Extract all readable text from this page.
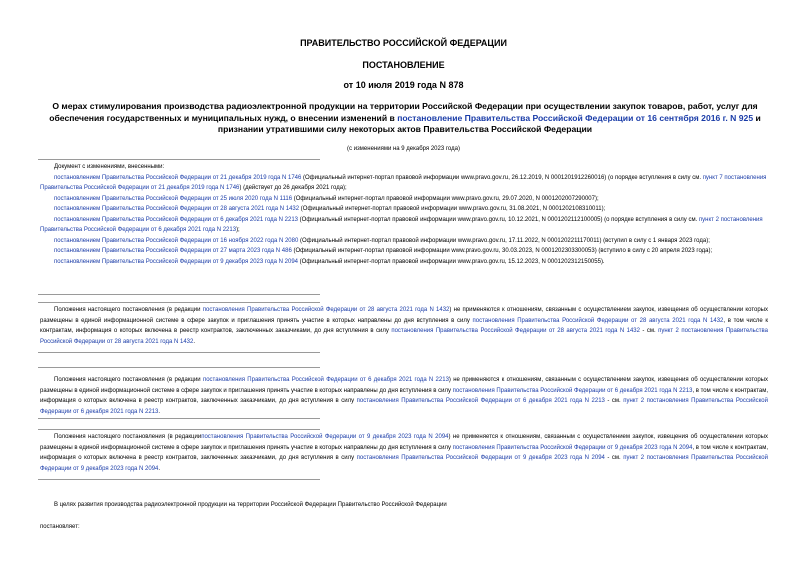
ПРАВИТЕЛЬСТВО РОССИЙСКОЙ ФЕДЕРАЦИИ
ПОСТАНОВЛЕНИЕ
от 10 июля 2019 года N 878
О мерах стимулирования производства радиоэлектронной продукции на территории Российской Федерации при осуществлении закупок товаров, работ, услуг для обеспечения государственных и муниципальных нужд, о внесении изменений в постановление Правительства Российской Федерации от 16 сентября 2016 г. N 925 и признании утратившими силу некоторых актов Правительства Российской Федерации
(с изменениями на 9 декабря 2023 года)
Документ с изменениями, внесенными:
постановлением Правительства Российской Федерации от 21 декабря 2019 года N 1746 (Официальный интернет-портал правовой информации www.pravo.gov.ru, 26.12.2019, N 0001201912260016) (о порядке вступления в силу см. пункт 7 постановления Правительства Российской Федерации от 21 декабря 2019 года N 1746) (действует до 26 декабря 2021 года);
постановлением Правительства Российской Федерации от 25 июля 2020 года N 1116 (Официальный интернет-портал правовой информации www.pravo.gov.ru, 29.07.2020, N 0001202007290007);
постановлением Правительства Российской Федерации от 28 августа 2021 года N 1432 (Официальный интернет-портал правовой информации www.pravo.gov.ru, 31.08.2021, N 0001202108310011);
постановлением Правительства Российской Федерации от 6 декабря 2021 года N 2213 (Официальный интернет-портал правовой информации www.pravo.gov.ru, 10.12.2021, N 0001202112100005) (о порядке вступления в силу см. пункт 2 постановления Правительства Российской Федерации от 6 декабря 2021 года N 2213);
постановлением Правительства Российской Федерации от 16 ноября 2022 года N 2080 (Официальный интернет-портал правовой информации www.pravo.gov.ru, 17.11.2022, N 0001202211170011) (вступил в силу с 1 января 2023 года);
постановлением Правительства Российской Федерации от 27 марта 2023 года N 486 (Официальный интернет-портал правовой информации www.pravo.gov.ru, 30.03.2023, N 0001202303300053) (вступило в силу с 20 апреля 2023 года);
постановлением Правительства Российской Федерации от 9 декабря 2023 года N 2094 (Официальный интернет-портал правовой информации www.pravo.gov.ru, 15.12.2023, N 0001202312150055).
Положения настоящего постановления (в редакции постановления Правительства Российской Федерации от 28 августа 2021 года N 1432) не применяются к отношениям, связанным с осуществлением закупок, извещения об осуществлении которых размещены в единой информационной системе в сфере закупок и приглашения принять участие в которых направлены до дня вступления в силу постановления Правительства Российской Федерации от 28 августа 2021 года N 1432, в том числе к контрактам, информация о которых включена в реестр контрактов, заключенных заказчиками, до дня вступления в силу постановления Правительства Российской Федерации от 28 августа 2021 года N 1432 - см. пункт 2 постановления Правительства Российской Федерации от 28 августа 2021 года N 1432.
Положения настоящего постановления (в редакции постановления Правительства Российской Федерации от 6 декабря 2021 года N 2213) не применяются к отношениям, связанным с осуществлением закупок, извещения об осуществлении которых размещены в единой информационной системе в сфере закупок и приглашения принять участие в которых направлены до дня вступления в силу постановления Правительства Российской Федерации от 6 декабря 2021 года N 2213, в том числе к контрактам, информация о которых включена в реестр контрактов, заключенных заказчиками, до дня вступления в силу постановления Правительства Российской Федерации от 6 декабря 2021 года N 2213 - см. пункт 2 постановления Правительства Российской Федерации от 6 декабря 2021 года N 2213.
Положения настоящего постановления (в редакциипостановления Правительства Российской Федерации от 9 декабря 2023 года N 2094) не применяется к отношениям, связанным с осуществлением закупок, извещения об осуществлении которых размещены в единой информационной системе в сфере закупок и приглашения принять участие в которых направлены до дня вступления в силу постановления Правительства Российской Федерации от 9 декабря 2023 года N 2094, в том числе к контрактам, информация о которых включена в реестр контрактов, заключенных заказчиками, до дня вступления в силу постановления Правительства Российской Федерации от 9 декабря 2023 года N 2094 - см. пункт 2 постановления Правительства Российской Федерации от 9 декабря 2023 года N 2094.
В целях развития производства радиоэлектронной продукции на территории Российской Федерации Правительство Российской Федерации
постановляет:
